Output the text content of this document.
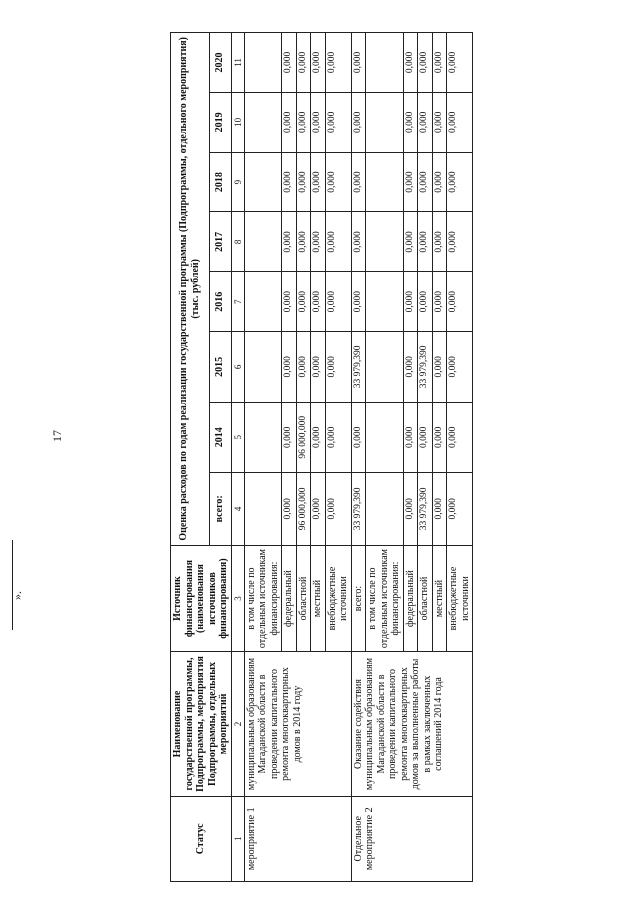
17
Статус	Наименование государственной программы, Подпрограммы, мероприятия Подпрограммы, отдельных мероприятий	Источник финансирования (наименования источников финансирования)	Оценка расходов по годам реализации государственной программы (Подпрограммы, отдельного мероприятия) (тыс. рублей)							
			всего:	2014	2015	2016	2017	2018	2019	2020
1	2	3	4	5	6	7	8	9	10	11
мероприятие 1	муниципальным образованиям Магаданской области в проведении капитального ремонта многоквартирных домов в 2014 году	в том числе по отдельным источникам финансирования:								
		федеральный	0,000	0,000	0,000	0,000	0,000	0,000	0,000	0,000
		областной	96 000,000	96 000,000	0,000	0,000	0,000	0,000	0,000	0,000
		местный	0,000	0,000	0,000	0,000	0,000	0,000	0,000	0,000
		внебюджетные источники	0,000	0,000	0,000	0,000	0,000	0,000	0,000	0,000
Отдельное мероприятие 2	Оказание содействия муниципальным образованиям Магаданской области в проведении капитального ремонта многоквартирных домов за выполненные работы в рамках заключенных соглашений 2014 года	всего:	33 979,390	0,000	33 979,390	0,000	0,000	0,000	0,000	0,000
		в том числе по отдельным источникам финансирования:								
		федеральный	0,000	0,000	0,000	0,000	0,000	0,000	0,000	0,000
		областной	33 979,390	0,000	33 979,390	0,000	0,000	0,000	0,000	0,000
		местный	0,000	0,000	0,000	0,000	0,000	0,000	0,000	0,000
		внебюджетные источники	0,000	0,000	0,000	0,000	0,000	0,000	0,000	0,000
».
